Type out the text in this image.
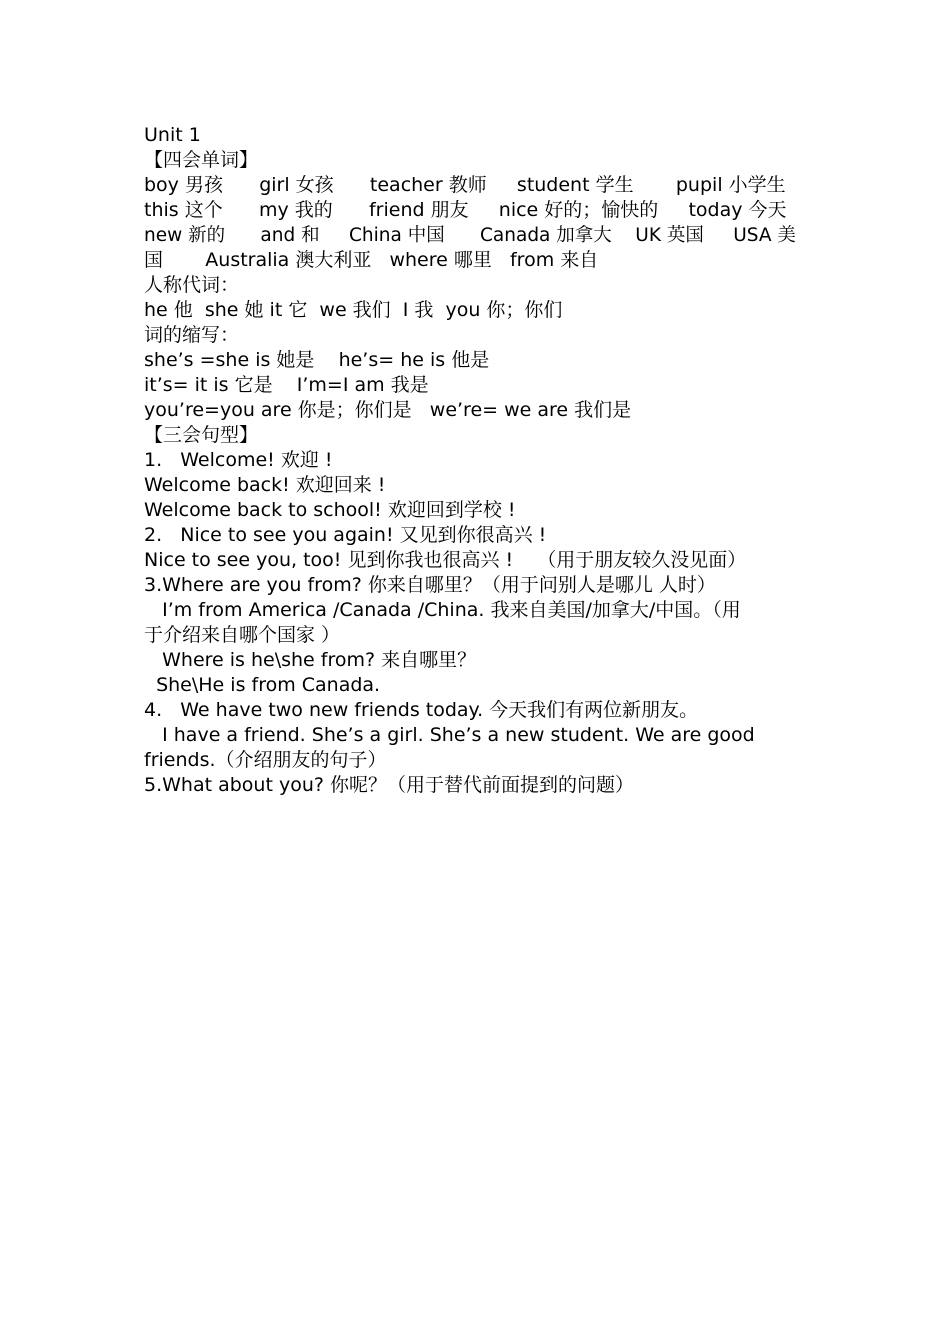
Unit 1
【四会单词】
boy 男孩      girl 女孩      teacher 教师     student 学生       pupil 小学生
this 这个      my 我的      friend 朋友     nice 好的；愉快的     today 今天
new 新的      and 和     China 中国      Canada 加拿大    UK 英国     USA 美
国       Australia 澳大利亚   where 哪里   from 来自
人称代词：
he 他  she 她 it 它  we 我们  I 我  you 你；你们
词的缩写：
she’s =she is 她是    he’s= he is 他是
it’s= it is 它是    I’m=I am 我是
you’re=you are 你是；你们是   we’re= we are 我们是
【三会句型】
1.   Welcome! 欢迎 !
Welcome back! 欢迎回来 !
Welcome back to school! 欢迎回到学校 !
2.   Nice to see you again! 又见到你很高兴 !
Nice to see you, too! 见到你我也很高兴 !    （用于朋友较久没见面）
3.Where are you from? 你来自哪里？（用于问别人是哪儿 人时）
I’m from America /Canada /China. 我来自美国/加拿大/中国。（用
于介绍来自哪个国家 ）
Where is he\she from? 来自哪里？
She\He is from Canada.
4.   We have two new friends today. 今天我们有两位新朋友。
I have a friend. She’s a girl. She’s a new student. We are good
friends.（介绍朋友的句子）
5.What about you? 你呢？（用于替代前面提到的问题）
